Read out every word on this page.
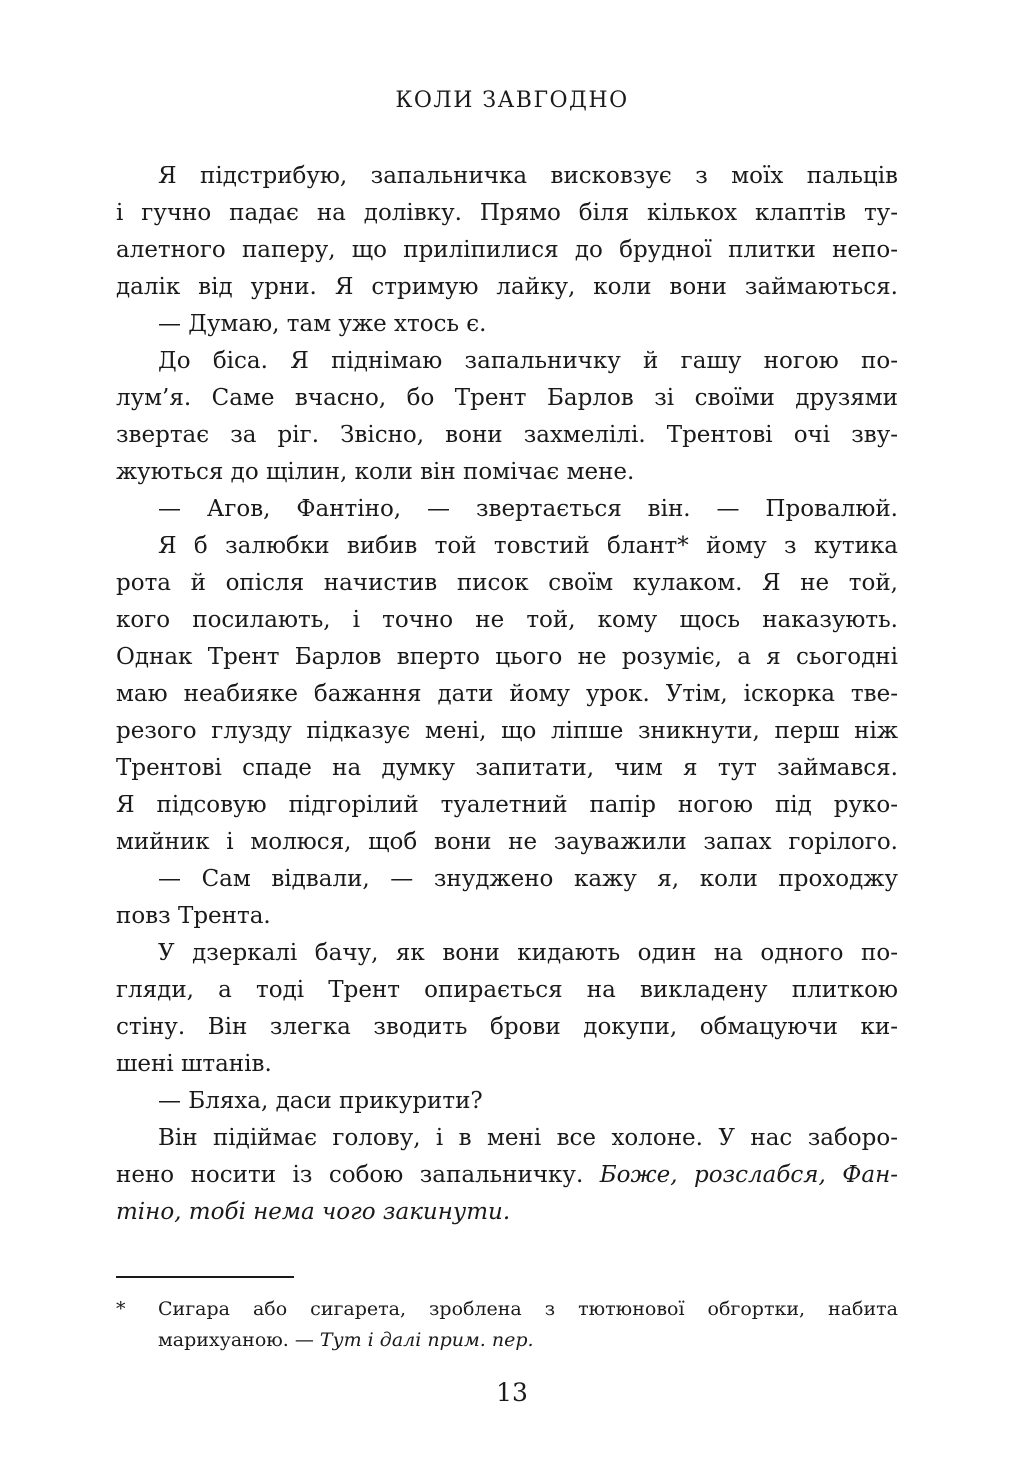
КОЛИ ЗАВГОДНО
Я підстрибую, запальничка висковзує з моїх пальців
і гучно падає на долівку. Прямо біля кількох клаптів ту-
алетного паперу, що приліпилися до брудної плитки непо-
далік від урни. Я стримую лайку, коли вони займаються.
— Думаю, там уже хтось є.
До біса. Я піднімаю запальничку й гашу ногою по-
лум’я. Саме вчасно, бо Трент Барлов зі своїми друзями
звертає за ріг. Звісно, вони захмелілі. Трентові очі зву-
жуються до щілин, коли він помічає мене.
— Агов, Фантіно, — звертається він. — Провалюй.
Я б залюбки вибив той товстий блант* йому з кутика
рота й опісля начистив писок своїм кулаком. Я не той,
кого посилають, і точно не той, кому щось наказують.
Однак Трент Барлов вперто цього не розуміє, а я сьогодні
маю неабияке бажання дати йому урок. Утім, іскорка тве-
резого глузду підказує мені, що ліпше зникнути, перш ніж
Трентові спаде на думку запитати, чим я тут займався.
Я підсовую підгорілий туалетний папір ногою під руко-
мийник і молюся, щоб вони не зауважили запах горілого.
— Сам відвали, — знуджено кажу я, коли проходжу
повз Трента.
У дзеркалі бачу, як вони кидають один на одного по-
гляди, а тоді Трент опирається на викладену плиткою
стіну. Він злегка зводить брови докупи, обмацуючи ки-
шені штанів.
— Бляха, даси прикурити?
Він підіймає голову, і в мені все холоне. У нас заборо-
нено носити із собою запальничку. Боже, розслабся, Фан-
тіно, тобі нема чого закинути.
* Сигара або сигарета, зроблена з тютюнової обгортки, набита
марихуаною. — Тут і далі прим. пер.
13
